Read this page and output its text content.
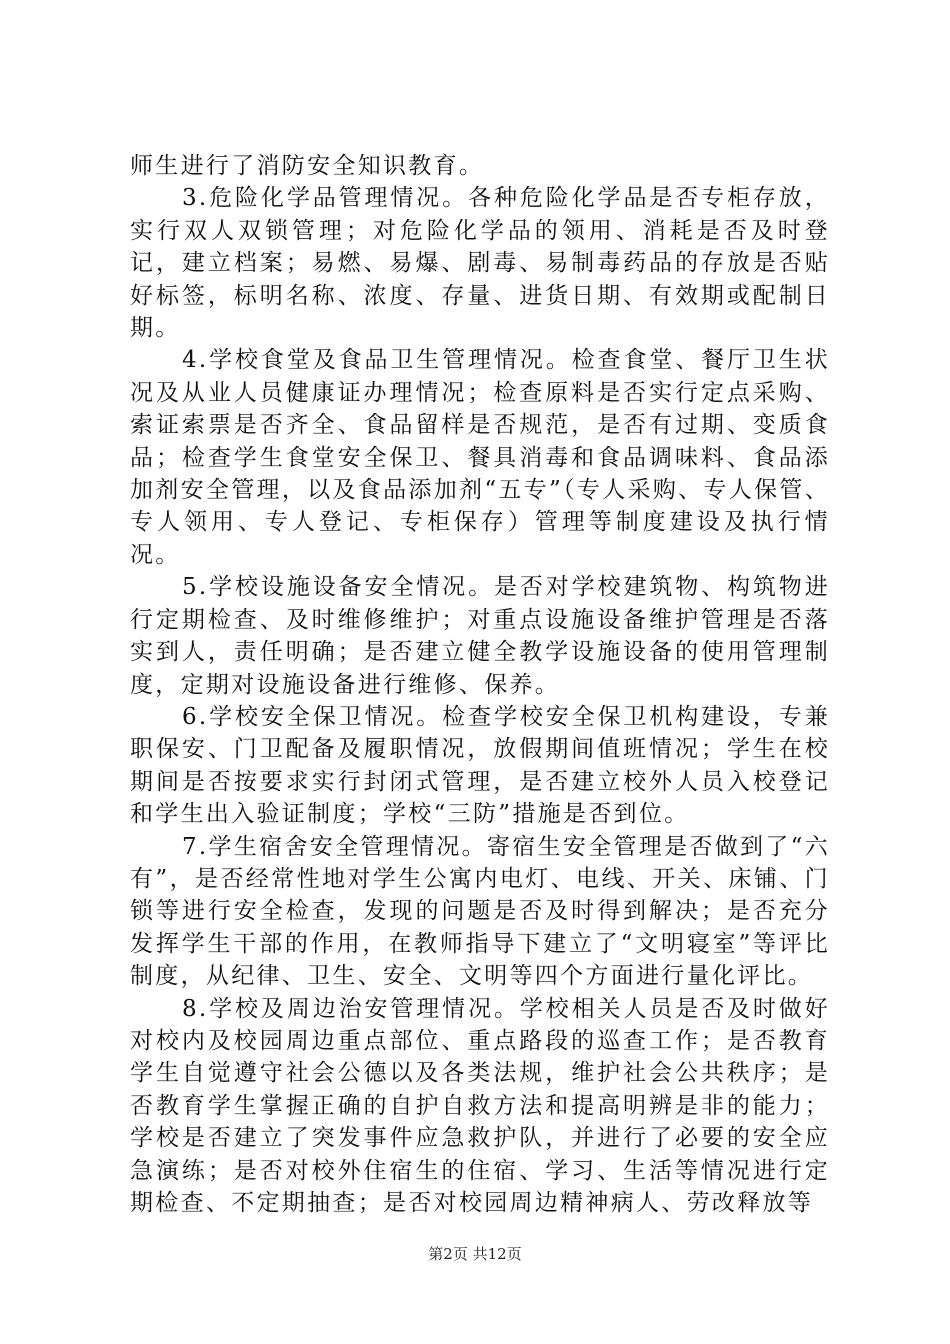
师生进行了消防安全知识教育。

3.危险化学品管理情况。各种危险化学品是否专柜存放，实行双人双锁管理；对危险化学品的领用、消耗是否及时登记，建立档案；易燃、易爆、剧毒、易制毒药品的存放是否贴好标签，标明名称、浓度、存量、进货日期、有效期或配制日期。

4.学校食堂及食品卫生管理情况。检查食堂、餐厅卫生状况及从业人员健康证办理情况；检查原料是否实行定点采购、索证索票是否齐全、食品留样是否规范，是否有过期、变质食品；检查学生食堂安全保卫、餐具消毒和食品调味料、食品添加剂安全管理，以及食品添加剂“五专”（专人采购、专人保管、专人领用、专人登记、专柜保存）管理等制度建设及执行情况。

5.学校设施设备安全情况。是否对学校建筑物、构筑物进行定期检查、及时维修维护；对重点设施设备维护管理是否落实到人，责任明确；是否建立健全教学设施设备的使用管理制度，定期对设施设备进行维修、保养。

6.学校安全保卫情况。检查学校安全保卫机构建设，专兼职保安、门卫配备及履职情况，放假期间值班情况；学生在校期间是否按要求实行封闭式管理，是否建立校外人员入校登记和学生出入验证制度；学校“三防”措施是否到位。

7.学生宿舍安全管理情况。寄宿生安全管理是否做到了“六有”，是否经常性地对学生公寓内电灯、电线、开关、床铺、门锁等进行安全检查，发现的问题是否及时得到解决；是否充分发挥学生干部的作用，在教师指导下建立了“文明寝室”等评比制度，从纪律、卫生、安全、文明等四个方面进行量化评比。

8.学校及周边治安管理情况。学校相关人员是否及时做好对校内及校园周边重点部位、重点路段的巡查工作；是否教育学生自觉遵守社会公德以及各类法规，维护社会公共秩序；是否教育学生掌握正确的自护自救方法和提高明辨是非的能力；学校是否建立了突发事件应急救护队，并进行了必要的安全应急演练；是否对校外住宿生的住宿、学习、生活等情况进行定期检查、不定期抽查；是否对校园周边精神病人、劳改释放等

第2页 共12页
